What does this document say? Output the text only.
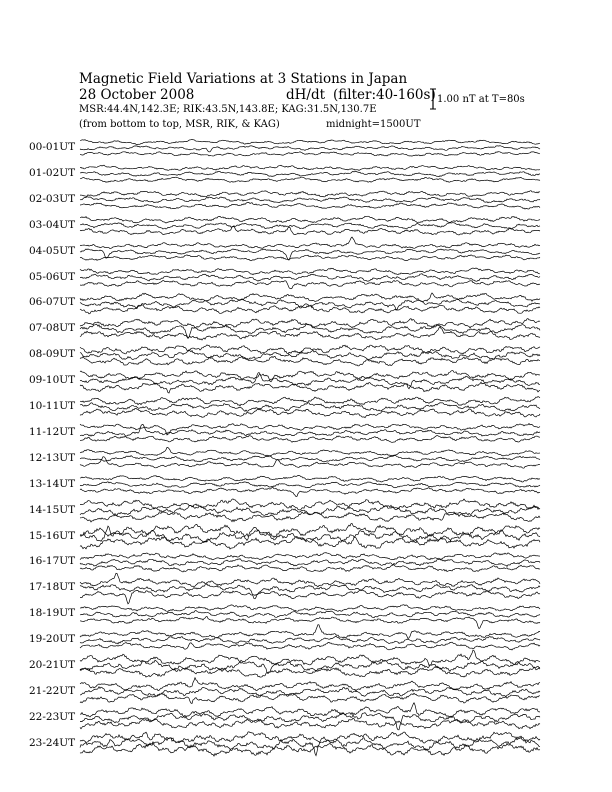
Magnetic Field Variations at 3 Stations in Japan
28 October 2008	dH/dt (filter:40-160s)
MSR:44.4N,142.3E; RIK:43.5N,143.8E; KAG:31.5N,130.7E
(from bottom to top, MSR, RIK, & KAG)	midnight=1500UT
1.00 nT at T=80s
00-01UT
01-02UT
02-03UT
03-04UT
04-05UT
05-06UT
06-07UT
07-08UT
08-09UT
09-10UT
10-11UT
11-12UT
12-13UT
13-14UT
14-15UT
15-16UT
16-17UT
17-18UT
18-19UT
19-20UT
20-21UT
21-22UT
22-23UT
23-24UT
